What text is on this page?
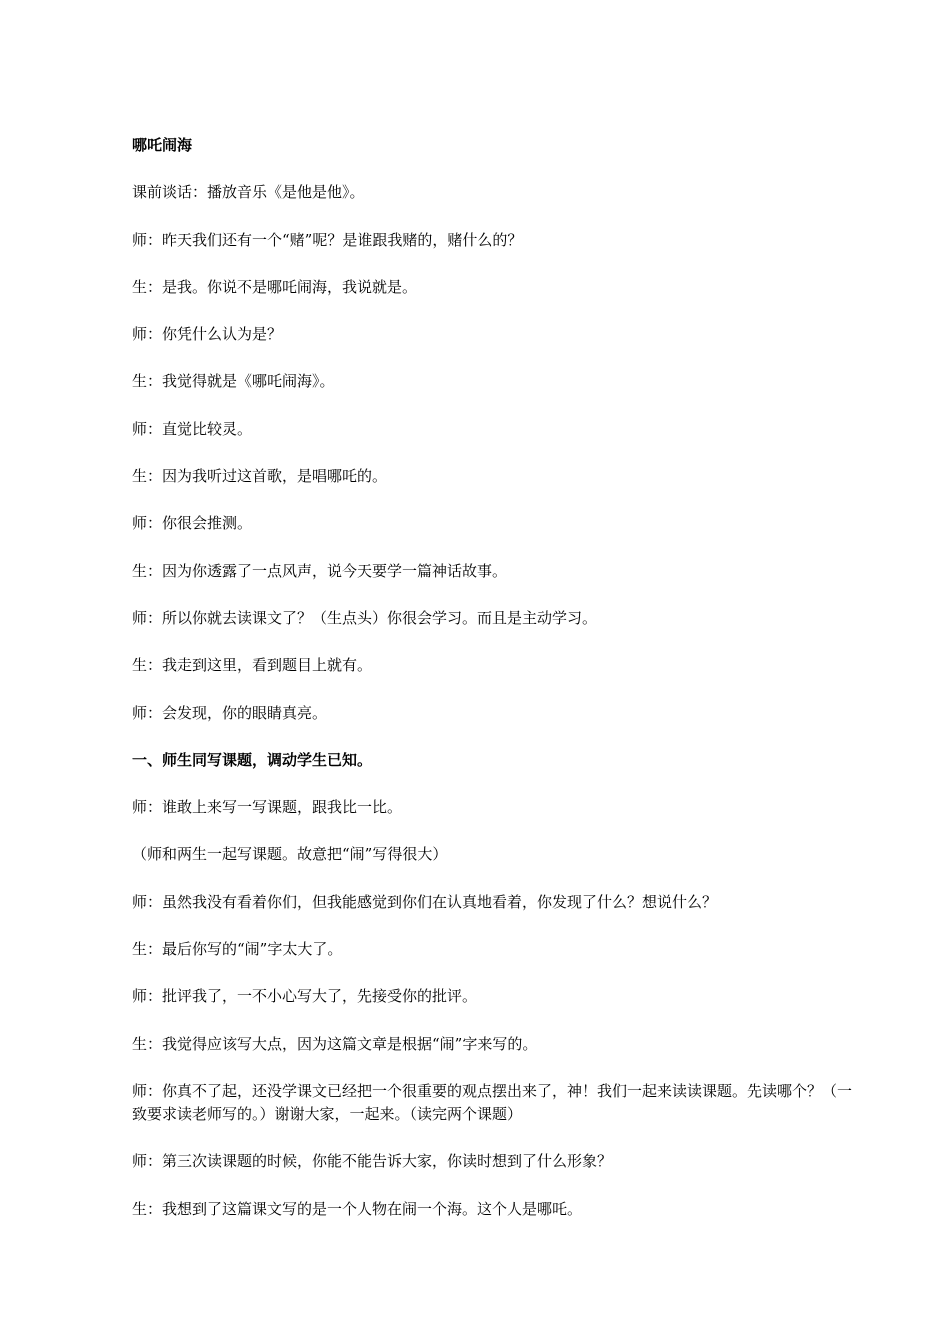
哪吒闹海

课前谈话：播放音乐《是他是他》。

师：昨天我们还有一个“赌”呢？是谁跟我赌的，赌什么的？

生：是我。你说不是哪吒闹海，我说就是。

师：你凭什么认为是？

生：我觉得就是《哪吒闹海》。

师：直觉比较灵。

生：因为我听过这首歌，是唱哪吒的。

师：你很会推测。

生：因为你透露了一点风声，说今天要学一篇神话故事。

师：所以你就去读课文了？（生点头）你很会学习。而且是主动学习。

生：我走到这里，看到题目上就有。

师：会发现，你的眼睛真亮。

一、师生同写课题，调动学生已知。

师：谁敢上来写一写课题，跟我比一比。

（师和两生一起写课题。故意把“闹”写得很大）

师：虽然我没有看着你们，但我能感觉到你们在认真地看着，你发现了什么？想说什么？

生：最后你写的“闹”字太大了。

师：批评我了，一不小心写大了，先接受你的批评。

生：我觉得应该写大点，因为这篇文章是根据“闹”字来写的。

师：你真不了起，还没学课文已经把一个很重要的观点摆出来了，神！我们一起来读读课题。先读哪个？（一致要求读老师写的。）谢谢大家，一起来。（读完两个课题）

师：第三次读课题的时候，你能不能告诉大家，你读时想到了什么形象？

生：我想到了这篇课文写的是一个人物在闹一个海。这个人是哪吒。
